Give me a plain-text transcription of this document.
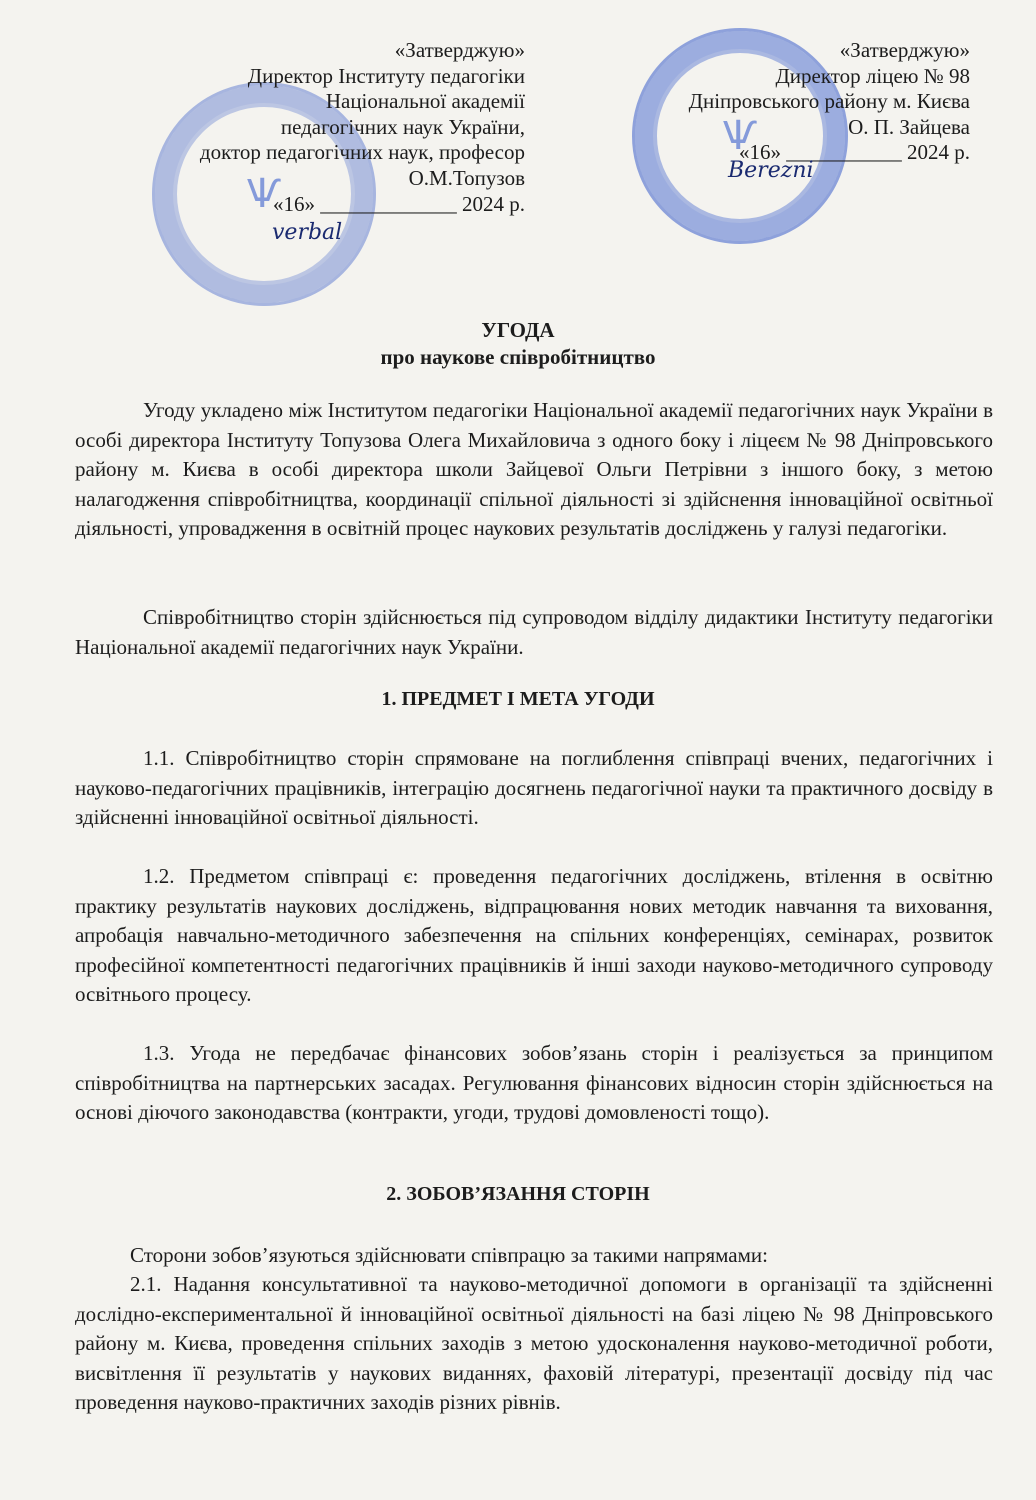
Ѱ
Ѱ
«Затверджую»
Директор Інституту педагогіки
Національної академії
педагогічних наук України,
доктор педагогічних наук, професор
О.М.Топузов
«16» _____________ 2024 р.
verbal
«Затверджую»
Директор ліцею № 98
Дніпровського району м. Києва
О. П. Зайцева
«16» ___________ 2024 р.
Berezni
УГОДА
про наукове співробітництво
Угоду укладено між Інститутом педагогіки Національної академії педагогічних наук України в особі директора Інституту Топузова Олега Михайловича з одного боку і ліцеєм № 98 Дніпровського району м. Києва в особі директора школи Зайцевої Ольги Петрівни з іншого боку, з метою налагодження співробітництва, координації спільної діяльності зі здійснення інноваційної освітньої діяльності, упровадження в освітній процес наукових результатів досліджень у галузі педагогіки.
Співробітництво сторін здійснюється під супроводом відділу дидактики Інституту педагогіки Національної академії педагогічних наук України.
1. ПРЕДМЕТ І МЕТА УГОДИ
1.1. Співробітництво сторін спрямоване на поглиблення співпраці вчених, педагогічних і науково-педагогічних працівників, інтеграцію досягнень педагогічної науки та практичного досвіду в здійсненні інноваційної освітньої діяльності.
1.2. Предметом співпраці є: проведення педагогічних досліджень, втілення в освітню практику результатів наукових досліджень, відпрацювання нових методик навчання та виховання, апробація навчально-методичного забезпечення на спільних конференціях, семінарах, розвиток професійної компетентності педагогічних працівників й інші заходи науково-методичного супроводу освітнього процесу.
1.3. Угода не передбачає фінансових зобов’язань сторін і реалізується за принципом співробітництва на партнерських засадах. Регулювання фінансових відносин сторін здійснюється на основі діючого законодавства (контракти, угоди, трудові домовленості тощо).
2. ЗОБОВ’ЯЗАННЯ СТОРІН
Сторони зобов’язуються здійснювати співпрацю за такими напрямами:
2.1. Надання консультативної та науково-методичної допомоги в організації та здійсненні дослідно-експериментальної й інноваційної освітньої діяльності на базі ліцею № 98 Дніпровського району м. Києва, проведення спільних заходів з метою удосконалення науково-методичної роботи, висвітлення її результатів у наукових виданнях, фаховій літературі, презентації досвіду під час проведення науково-практичних заходів різних рівнів.
